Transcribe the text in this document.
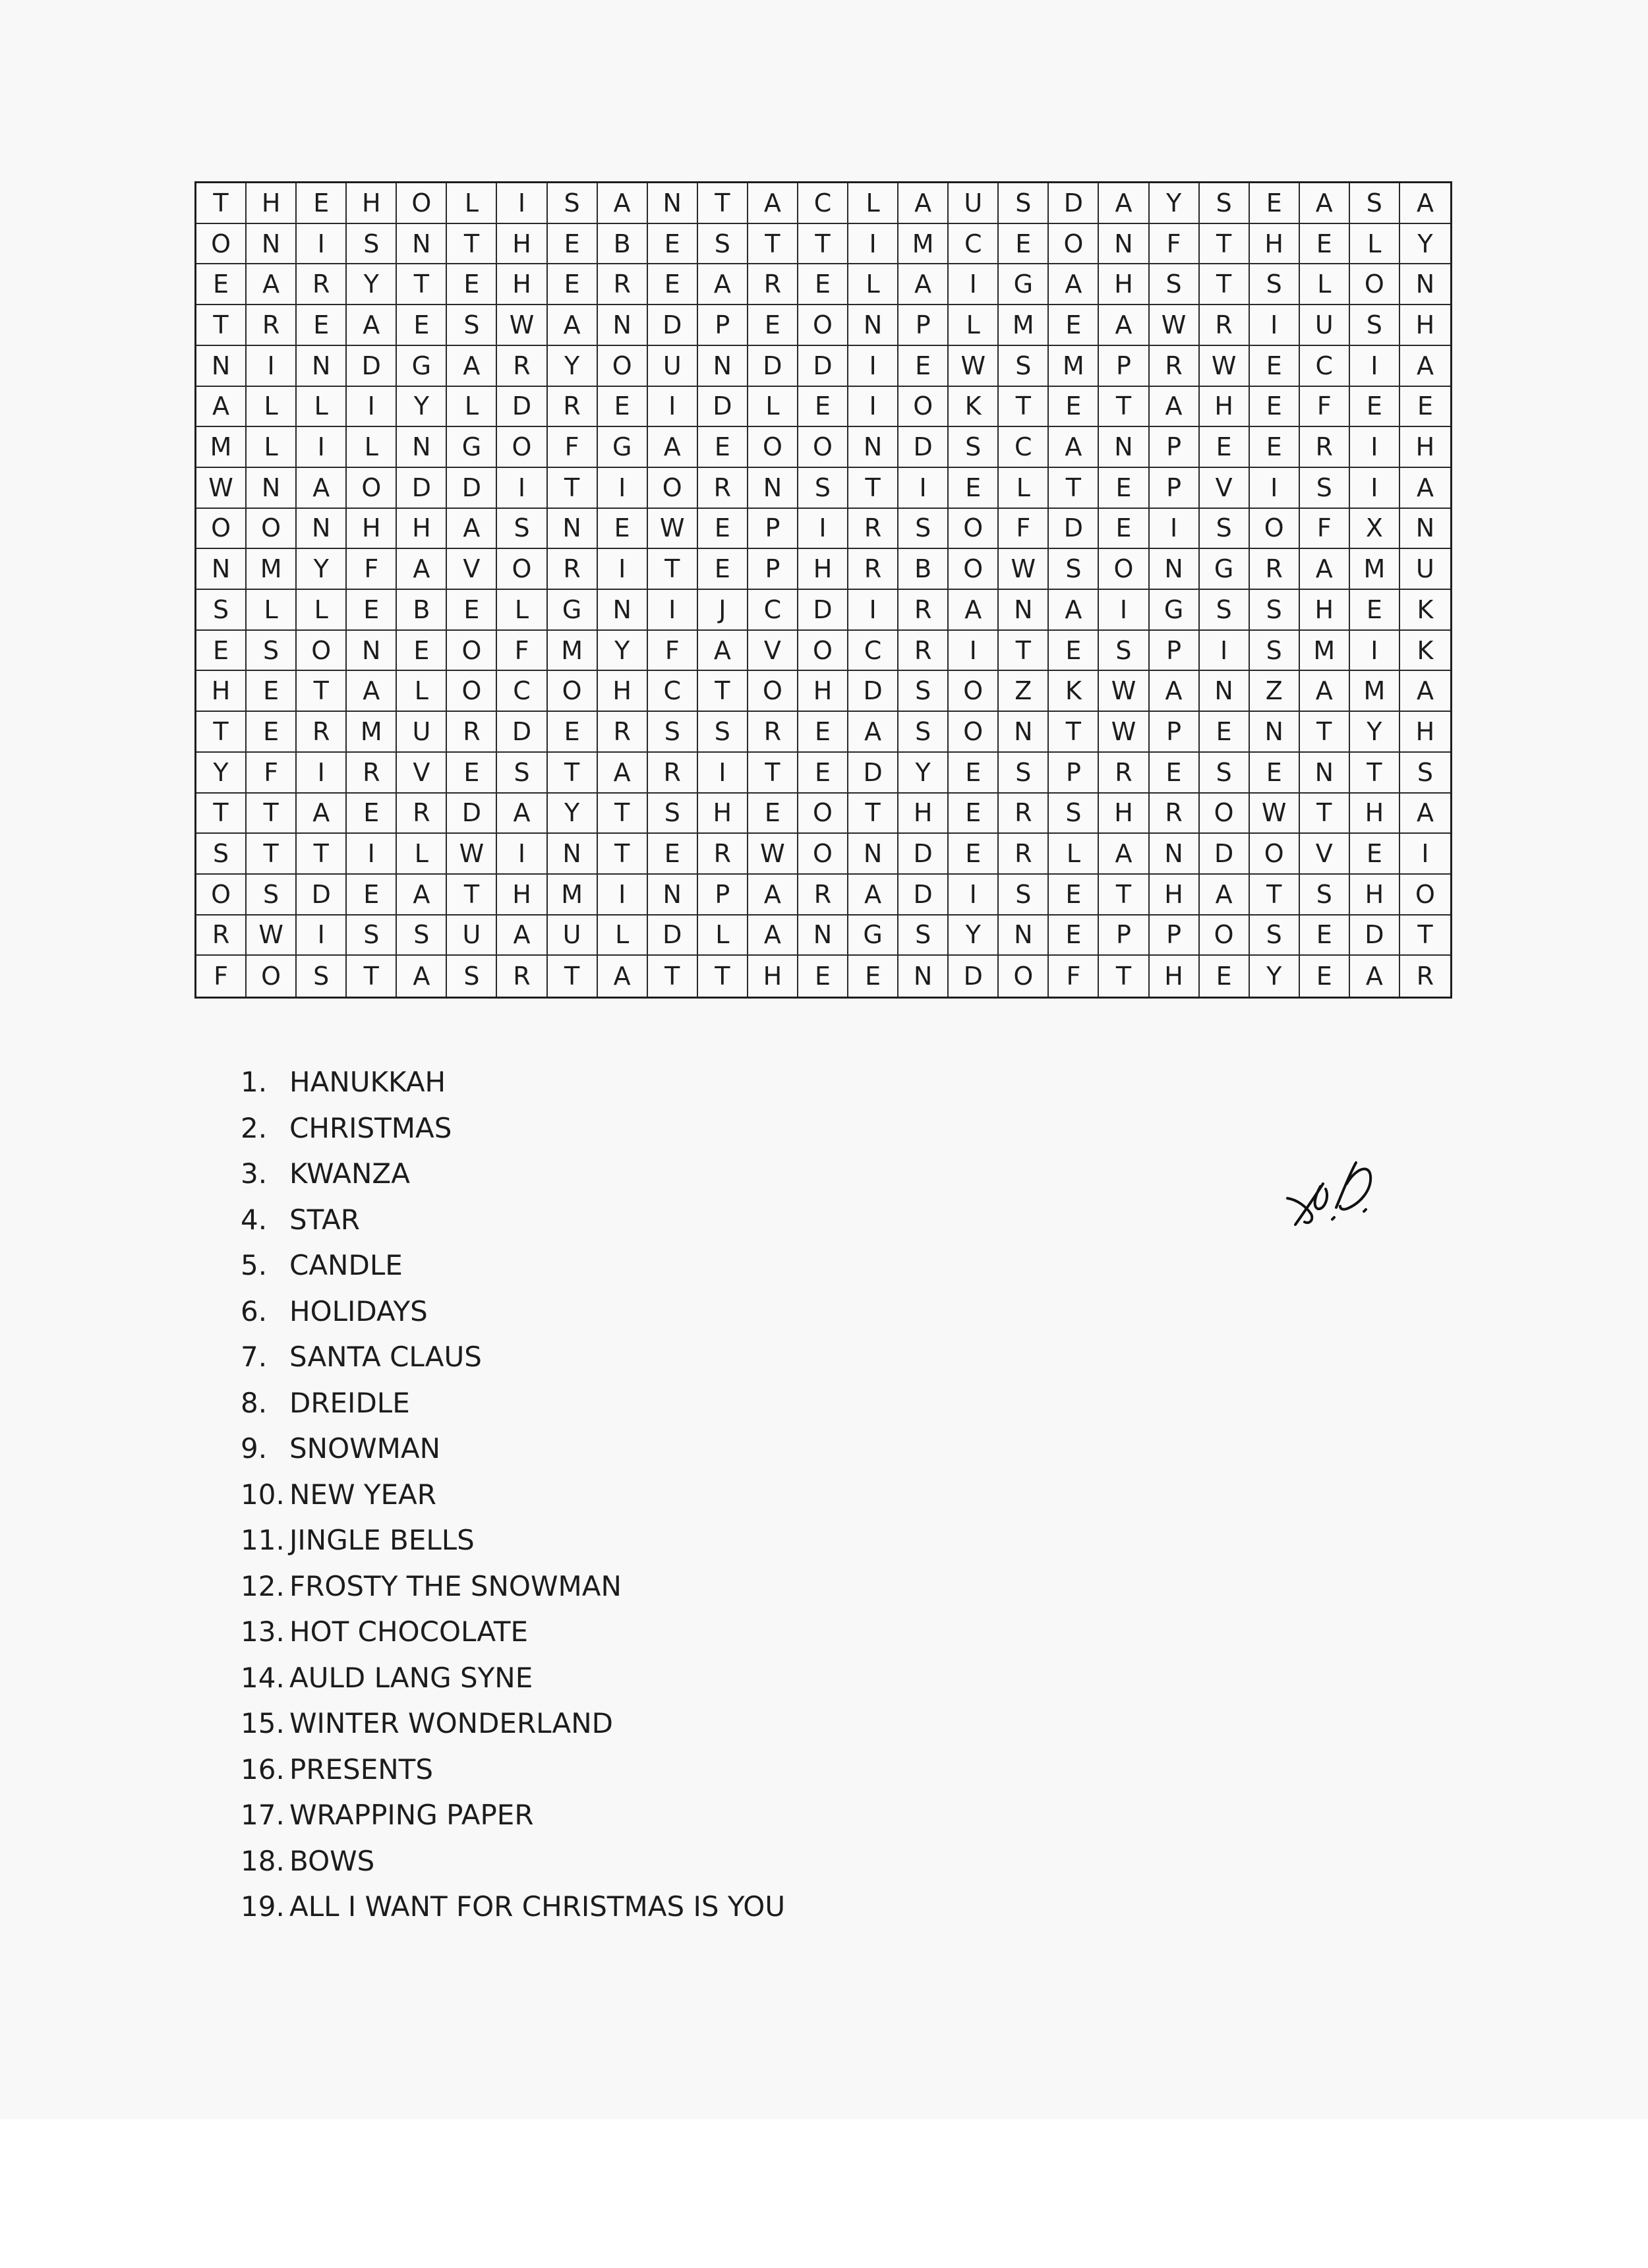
T	H	E	H	O	L	I	S	A	N	T	A	C	L	A	U	S	D	A	Y	S	E	A	S	A
O	N	I	S	N	T	H	E	B	E	S	T	T	I	M	C	E	O	N	F	T	H	E	L	Y
E	A	R	Y	T	E	H	E	R	E	A	R	E	L	A	I	G	A	H	S	T	S	L	O	N
T	R	E	A	E	S	W	A	N	D	P	E	O	N	P	L	M	E	A	W	R	I	U	S	H
N	I	N	D	G	A	R	Y	O	U	N	D	D	I	E	W	S	M	P	R	W	E	C	I	A
A	L	L	I	Y	L	D	R	E	I	D	L	E	I	O	K	T	E	T	A	H	E	F	E	E
M	L	I	L	N	G	O	F	G	A	E	O	O	N	D	S	C	A	N	P	E	E	R	I	H
W	N	A	O	D	D	I	T	I	O	R	N	S	T	I	E	L	T	E	P	V	I	S	I	A
O	O	N	H	H	A	S	N	E	W	E	P	I	R	S	O	F	D	E	I	S	O	F	X	N
N	M	Y	F	A	V	O	R	I	T	E	P	H	R	B	O	W	S	O	N	G	R	A	M	U
S	L	L	E	B	E	L	G	N	I	J	C	D	I	R	A	N	A	I	G	S	S	H	E	K
E	S	O	N	E	O	F	M	Y	F	A	V	O	C	R	I	T	E	S	P	I	S	M	I	K
H	E	T	A	L	O	C	O	H	C	T	O	H	D	S	O	Z	K	W	A	N	Z	A	M	A
T	E	R	M	U	R	D	E	R	S	S	R	E	A	S	O	N	T	W	P	E	N	T	Y	H
Y	F	I	R	V	E	S	T	A	R	I	T	E	D	Y	E	S	P	R	E	S	E	N	T	S
T	T	A	E	R	D	A	Y	T	S	H	E	O	T	H	E	R	S	H	R	O	W	T	H	A
S	T	T	I	L	W	I	N	T	E	R	W	O	N	D	E	R	L	A	N	D	O	V	E	I
O	S	D	E	A	T	H	M	I	N	P	A	R	A	D	I	S	E	T	H	A	T	S	H	O
R	W	I	S	S	U	A	U	L	D	L	A	N	G	S	Y	N	E	P	P	O	S	E	D	T
F	O	S	T	A	S	R	T	A	T	T	H	E	E	N	D	O	F	T	H	E	Y	E	A	R
1. HANUKKAH
2. CHRISTMAS
3. KWANZA
4. STAR
5. CANDLE
6. HOLIDAYS
7. SANTA CLAUS
8. DREIDLE
9. SNOWMAN
10. NEW YEAR
11. JINGLE BELLS
12. FROSTY THE SNOWMAN
13. HOT CHOCOLATE
14. AULD LANG SYNE
15. WINTER WONDERLAND
16. PRESENTS
17. WRAPPING PAPER
18. BOWS
19. ALL I WANT FOR CHRISTMAS IS YOU
